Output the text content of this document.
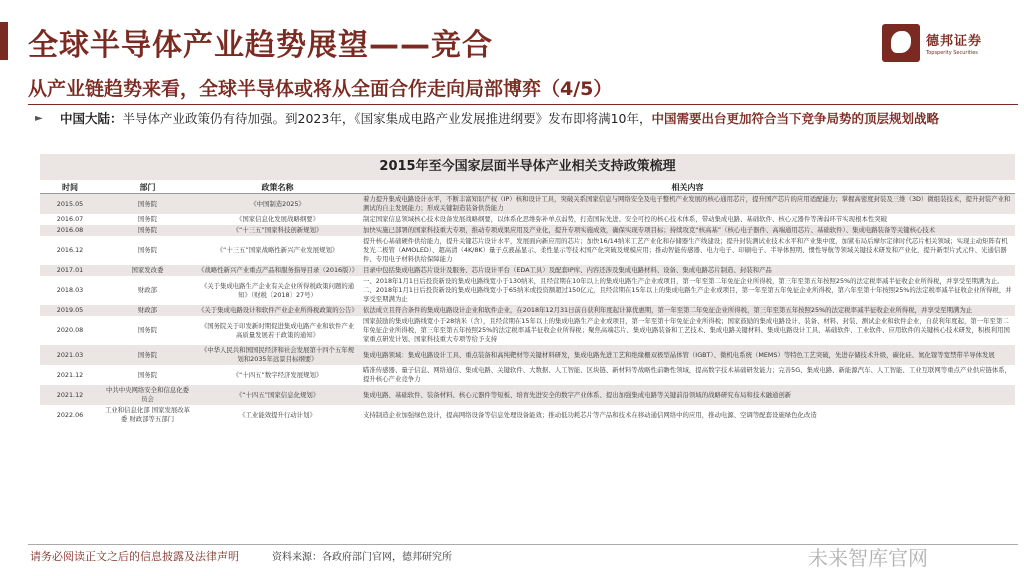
全球半导体产业趋势展望——竞合	德邦证券
Topsperity Securities
从产业链趋势来看，全球半导体或将从全面合作走向局部博弈（4/5）
► 中国大陆：半导体产业政策仍有待加强。到2023年，《国家集成电路产业发展推进纲要》发布即将满10年，中国需要出台更加符合当下竞争局势的顶层规划战略
2015年至今国家层面半导体产业相关支持政策梳理
时间	部门	政策名称	相关内容
2015.05	国务院	《中国制造2025》	着力提升集成电路设计水平，不断丰富知识产权（IP）核和设计工具，突破关系国家信息与网络安全及电子整机产业发展的核心通用芯片，提升国产芯片的应用适配能力；掌握高密度封装及三维（3D）微组装技术，提升封装产业和测试的自主发展能力；形成关键制造装备供货能力
2016.07	国务院	《国家信息化发展战略纲要》	制定国家信息领域核心技术设备发展战略纲要，以体系化思维弥补单点弱势，打造国际先进、安全可控的核心技术体系，带动集成电路、基础软件、核心元器件等薄弱环节实现根本性突破
2016.08	国务院	《“十三五”国家科技创新规划》	加快实施已部署的国家科技重大专项，推动专项成果应用及产业化，提升专项实施成效，确保实现专项目标；持续攻克“核高基”（核心电子器件、高端通用芯片、基础软件）、集成电路装备等关键核心技术
2016.12	国务院	《“十三五”国家战略性新兴产业发展规划》	提升核心基础硬件供给能力，提升关键芯片设计水平，发展面向新应用的芯片；加快16/14纳米工艺产业化和存储器生产线建设；提升封装测试业技术水平和产业集中度，加紧布局后摩尔定律时代芯片相关领域；实现主动矩阵有机发光二极管（AMOLED）、超高清（4K/8K）量子点液晶显示、柔性显示等技术国产化突破及规模应用；推动智能传感器、电力电子、印刷电子、半导体照明、惯性导航等领域关键技术研发和产业化，提升新型片式元件、光通信器件、专用电子材料供给保障能力
2017.01	国家发改委	《战略性新兴产业重点产品和服务指导目录（2016版）》	目录中包括集成电路芯片设计及服务、芯片设计平台（EDA工具）及配套IP库、内容还涉及集成电路材料、设备、集成电路芯片制造、封装和产品
2018.03	财政部	《关于集成电路生产企业有关企业所得税政策问题的通知》（财税〔2018〕27号）	一、2018年1月1日后投资新设的集成电路线宽小于130纳米，且经营期在10年以上的集成电路生产企业或项目，第一年至第二年免征企业所得税，第三年至第五年按照25%的法定税率减半征收企业所得税，并享受至期满为止。二、2018年1月1日后投资新设的集成电路线宽小于65纳米或投资额超过150亿元，且经营期在15年以上的集成电路生产企业或项目，第一年至第五年免征企业所得税，第六年至第十年按照25%的法定税率减半征收企业所得税，并享受至期满为止
2019.05	财政部	《关于集成电路设计和软件产业企业所得税政策的公告》	依法成立且符合条件的集成电路设计企业和软件企业，在2018年12月31日前自获利年度起计算优惠期，第一年至第二年免征企业所得税，第三年至第五年按照25%的法定税率减半征收企业所得税，并享受至期满为止
2020.08	国务院	《国务院关于印发新时期促进集成电路产业和软件产业高质量发展若干政策的通知》	国家鼓励的集成电路线宽小于28纳米（含），且经营期在15年以上的集成电路生产企业或项目，第一年至第十年免征企业所得税；国家鼓励的集成电路设计、装备、材料、封装、测试企业和软件企业，自获利年度起，第一年至第二年免征企业所得税，第三年至第五年按照25%的法定税率减半征收企业所得税；聚焦高端芯片、集成电路装备和工艺技术、集成电路关键材料、集成电路设计工具、基础软件、工业软件、应用软件的关键核心技术研发，积极利用国家重点研发计划、国家科技重大专项等给予支持
2021.03	国务院	《中华人民共和国国民经济和社会发展第十四个五年规划和2035年远景目标纲要》	集成电路领域：集成电路设计工具、重点装备和高纯靶材等关键材料研发，集成电路先进工艺和绝缘栅双极型晶体管（IGBT）、微机电系统（MEMS）等特色工艺突破，先进存储技术升级，碳化硅、氮化镓等宽禁带半导体发展
2021.12	国务院	《“十四五”数字经济发展规划》	瞄准传感器、量子信息、网络通信、集成电路、关键软件、大数据、人工智能、区块链、新材料等战略性前瞻性领域，提高数字技术基础研发能力；完善5G、集成电路、新能源汽车、人工智能、工业互联网等重点产业供应链体系，提升核心产业竞争力
2021.12	中共中央网络安全和信息化委员会	《“十四五”国家信息化规划》	集成电路、基础软件、装备材料、核心元器件等短板、培育先进安全的数字产业体系、提出加强集成电路等关键前沿领域的战略研究布局和技术融通创新
2022.06	工业和信息化部 国家发展改革委 财政部等五部门	《工业能效提升行动计划》	支持制造企业加强绿色设计，提高网络设备等信息处理设备能效；推动低功耗芯片等产品和技术在移动通信网络中的应用，推动电源、空调等配套设施绿色化改造
请务必阅读正文之后的信息披露及法律声明	资料来源：各政府部门官网，德邦研究所	未来智库官网
